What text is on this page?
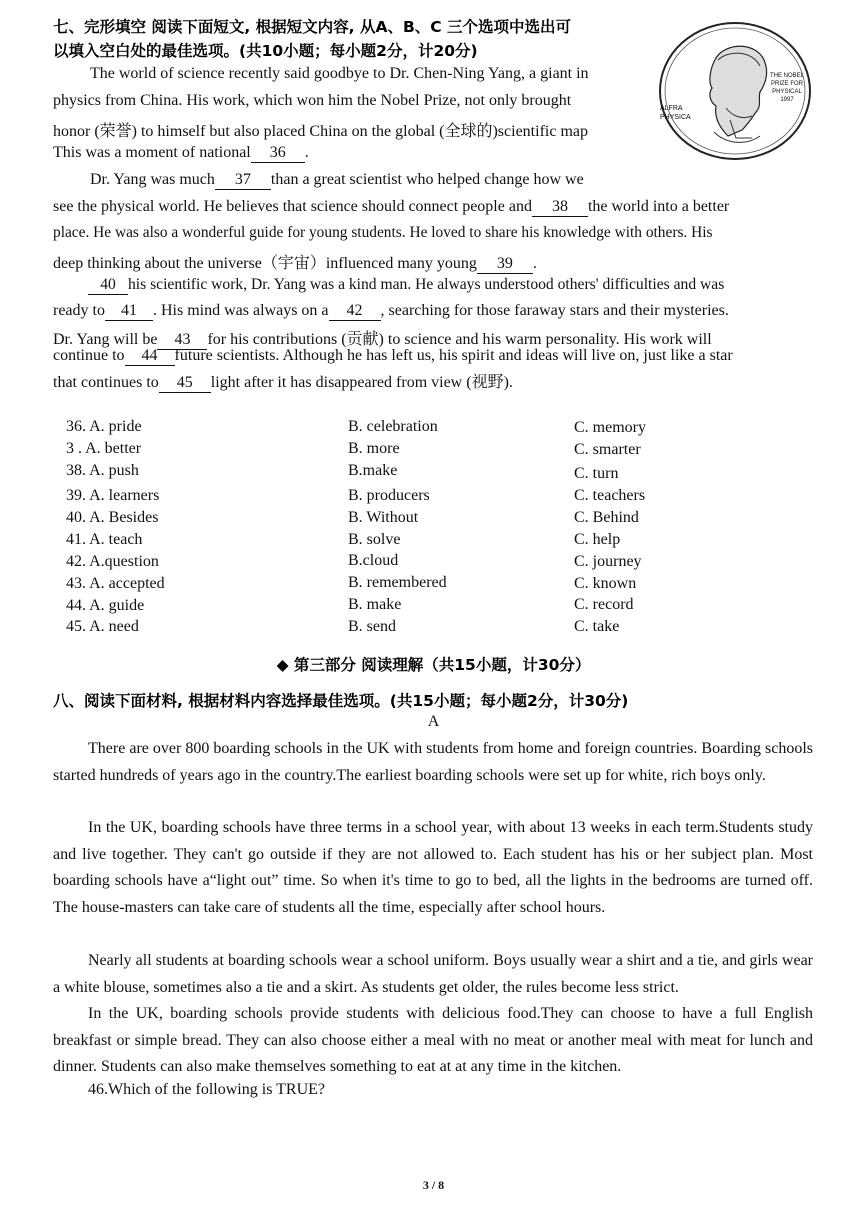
七、完形填空 阅读下面短文, 根据短文内容, 从A、B、C 三个选项中选出可
以填入空白处的最佳选项。(共10小题；每小题2分，计20分)
ALFRA PHYSICA
THE NOBEL PRIZE FOR PHYSICAL 1997
The world of science recently said goodbye to Dr. Chen-Ning Yang, a giant in
physics from China. His work, which won him the Nobel Prize, not only brought
honor (荣誉) to himself but also placed China on the global (全球的)scientific map
This was a moment of national 36 .
Dr. Yang was much 37 than a great scientist who helped change how we
see the physical world. He believes that science should connect people and 38 the world into a better
place. He was also a wonderful guide for young students. He loved to share his knowledge with others. His
deep thinking about the universe（宇宙）influenced many young 39 .
40 his scientific work, Dr. Yang was a kind man. He always understood others' difficulties and was
ready to 41 . His mind was always on a 42 , searching for those faraway stars and their mysteries.
Dr. Yang will be 43 for his contributions (贡献) to science and his warm personality. His work will
continue to 44 future scientists. Although he has left us, his spirit and ideas will live on, just like a star
that continues to 45 light after it has disappeared from view (视野).
36. A. pride	B. celebration	C. memory
3 . A. better	B. more	C. smarter
38. A. push	B.make	C. turn
39. A. learners	B. producers	C. teachers
40. A. Besides	B. Without	C. Behind
41. A. teach	B. solve	C. help
42. A.question	B.cloud	C. journey
43. A. accepted	B. remembered	C. known
44. A. guide	B. make	C. record
45. A. need	B. send	C. take
◆ 第三部分 阅读理解（共15小题，计30分）
八、阅读下面材料, 根据材料内容选择最佳选项。(共15小题；每小题2分，计30分)
A
There are over 800 boarding schools in the UK with students from home and foreign countries. Boarding schools started hundreds of years ago in the country.The earliest boarding schools were set up for white, rich boys only.
In the UK, boarding schools have three terms in a school year, with about 13 weeks in each term.Students study and live together. They can't go outside if they are not allowed to. Each student has his or her subject plan. Most boarding schools have a“light out” time. So when it's time to go to bed, all the lights in the bedrooms are turned off. The house-masters can take care of students all the time, especially after school hours.
Nearly all students at boarding schools wear a school uniform. Boys usually wear a shirt and a tie, and girls wear a white blouse, sometimes also a tie and a skirt. As students get older, the rules become less strict.
In the UK, boarding schools provide students with delicious food.They can choose to have a full English breakfast or simple bread. They can also choose either a meal with no meat or another meal with meat for lunch and dinner. Students can also make themselves something to eat at at any time in the kitchen.
46.Which of the following is TRUE?
3 / 8
